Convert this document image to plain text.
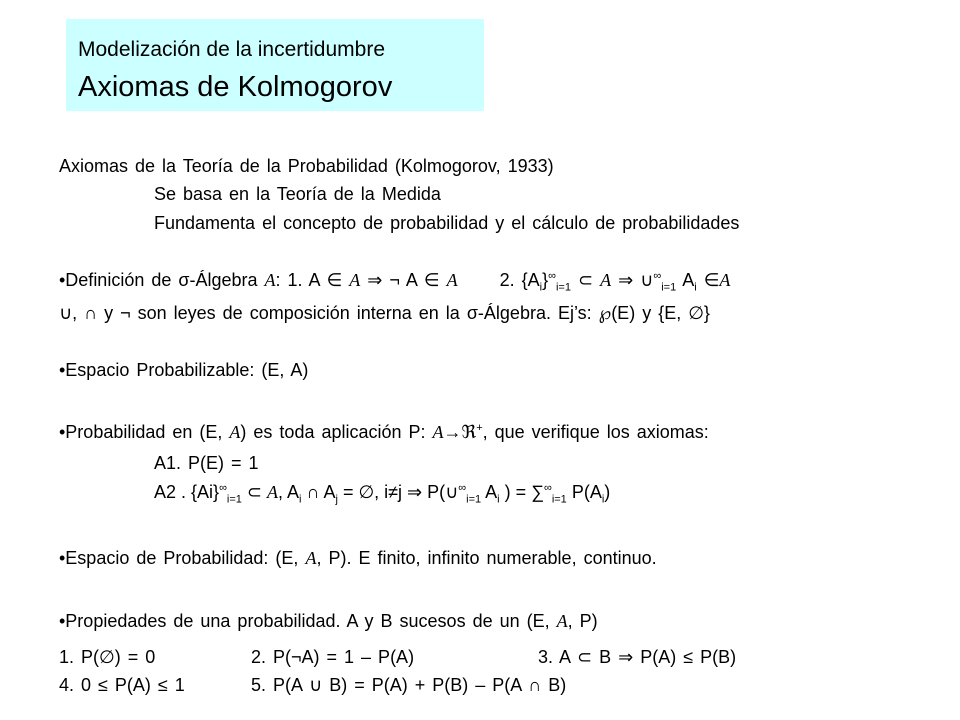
Modelización de la incertidumbre
Axiomas de Kolmogorov
Axiomas de la Teoría de la Probabilidad (Kolmogorov, 1933)
Se basa en la Teoría de la Medida
Fundamenta el concepto de probabilidad y el cálculo de probabilidades
•Definición de σ-Álgebra A: 1. A ∈ A ⇒ ¬ A ∈ A 2. $\{A_i\}^\infty_{i=1}$ ⊂ A ⇒ $\cup^\infty_{i=1}$ $A_i$ ∈A
∪, ∩ y ¬ son leyes de composición interna en la σ-Álgebra. Ej’s: ℘(E) y {E, ∅}
•Espacio Probabilizable: (E, A)
•Probabilidad en (E, A) es toda aplicación P: A→ℜ+, que verifique los axiomas:
A1. P(E) = 1
A2 . $\{Ai\}^\infty_{i=1}$ ⊂ A, $A_i$ ∩ $A_j$ = ∅, i≠j ⇒ $P(\cup^\infty_{i=1}$ $A_i$ ) = $\sum^\infty_{i=1}$ $P(A_i)$
•Espacio de Probabilidad: (E, A, P). E finito, infinito numerable, continuo.
•Propiedades de una probabilidad. A y B sucesos de un (E, A, P)
1. P(∅) = 0	2. P(¬A) = 1 – P(A)	3. A ⊂ B ⇒ P(A) ≤ P(B)
4. 0 ≤ P(A) ≤ 1	5. P(A ∪ B) = P(A) + P(B) – P(A ∩ B)
